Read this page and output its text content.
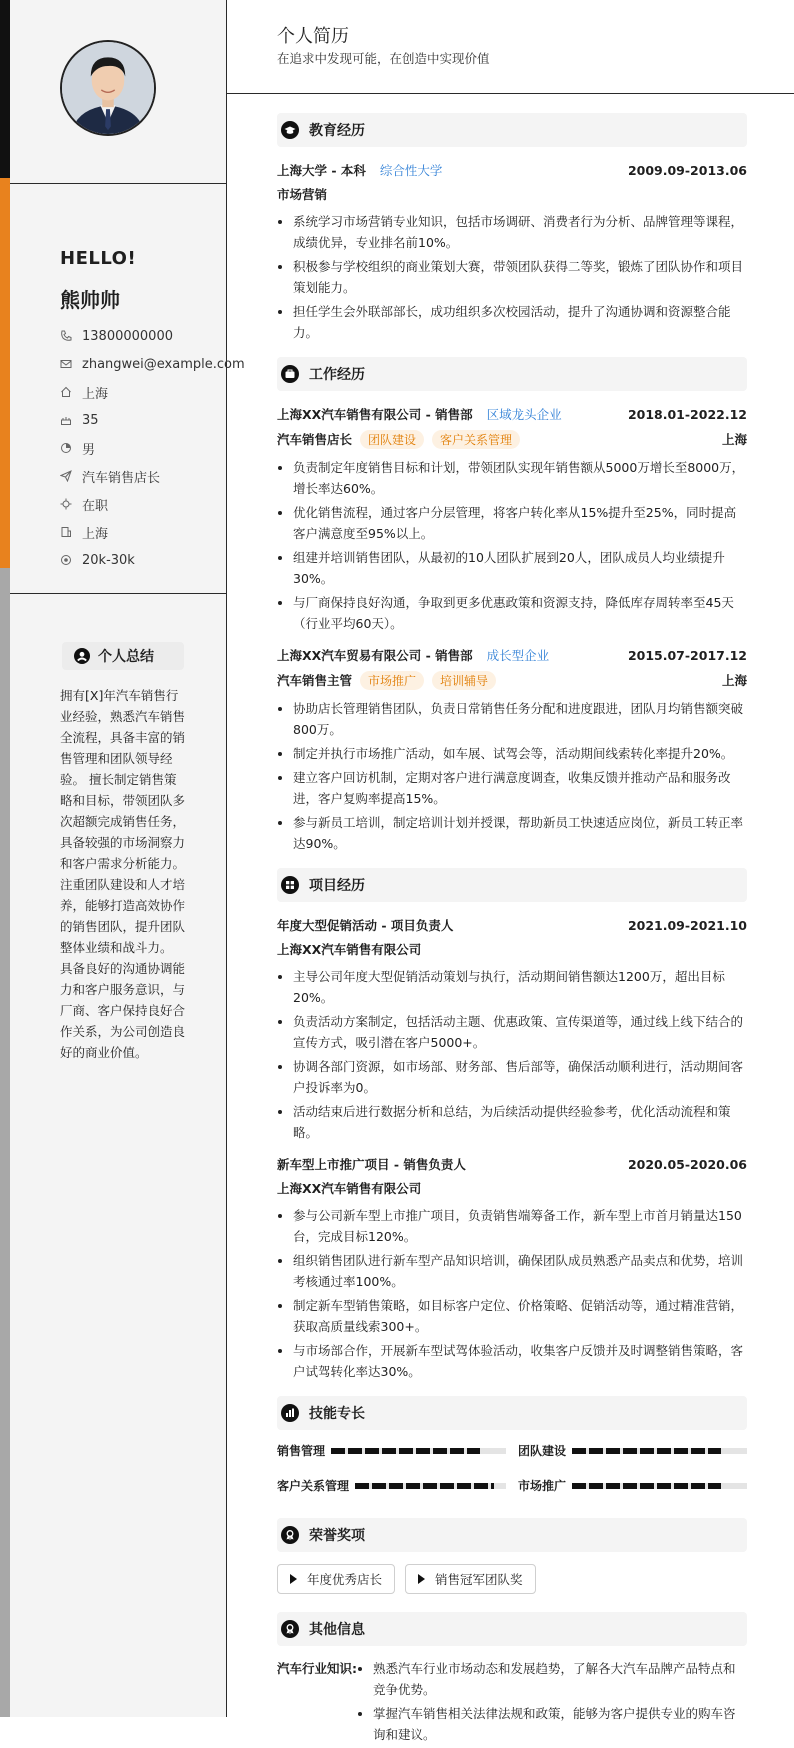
HELLO!
熊帅帅
13800000000
zhangwei@example.com
上海
35
男
汽车销售店长
在职
上海
20k-30k
个人总结
拥有[X]年汽车销售行业经验，熟悉汽车销售全流程，具备丰富的销售管理和团队领导经验。 擅长制定销售策略和目标，带领团队多次超额完成销售任务，具备较强的市场洞察力和客户需求分析能力。 注重团队建设和人才培养，能够打造高效协作的销售团队，提升团队整体业绩和战斗力。 具备良好的沟通协调能力和客户服务意识，与厂商、客户保持良好合作关系，为公司创造良好的商业价值。
个人简历
在追求中发现可能，在创造中实现价值
教育经历
上海大学 - 本科 综合性大学	2009.09-2013.06
市场营销
• 系统学习市场营销专业知识，包括市场调研、消费者行为分析、品牌管理等课程，成绩优异，专业排名前10%。
• 积极参与学校组织的商业策划大赛，带领团队获得二等奖，锻炼了团队协作和项目策划能力。
• 担任学生会外联部部长，成功组织多次校园活动，提升了沟通协调和资源整合能力。
工作经历
上海XX汽车销售有限公司 - 销售部 区域龙头企业	2018.01-2022.12
汽车销售店长	团队建设	客户关系管理	上海
• 负责制定年度销售目标和计划，带领团队实现年销售额从5000万增长至8000万，增长率达60%。
• 优化销售流程，通过客户分层管理，将客户转化率从15%提升至25%，同时提高客户满意度至95%以上。
• 组建并培训销售团队，从最初的10人团队扩展到20人，团队成员人均业绩提升30%。
• 与厂商保持良好沟通，争取到更多优惠政策和资源支持，降低库存周转率至45天（行业平均60天）。
上海XX汽车贸易有限公司 - 销售部 成长型企业	2015.07-2017.12
汽车销售主管	市场推广	培训辅导	上海
• 协助店长管理销售团队，负责日常销售任务分配和进度跟进，团队月均销售额突破800万。
• 制定并执行市场推广活动，如车展、试驾会等，活动期间线索转化率提升20%。
• 建立客户回访机制，定期对客户进行满意度调查，收集反馈并推动产品和服务改进，客户复购率提高15%。
• 参与新员工培训，制定培训计划并授课，帮助新员工快速适应岗位，新员工转正率达90%。
项目经历
年度大型促销活动 - 项目负责人	2021.09-2021.10
上海XX汽车销售有限公司
• 主导公司年度大型促销活动策划与执行，活动期间销售额达1200万，超出目标20%。
• 负责活动方案制定，包括活动主题、优惠政策、宣传渠道等，通过线上线下结合的宣传方式，吸引潜在客户5000+。
• 协调各部门资源，如市场部、财务部、售后部等，确保活动顺利进行，活动期间客户投诉率为0。
• 活动结束后进行数据分析和总结，为后续活动提供经验参考，优化活动流程和策略。
新车型上市推广项目 - 销售负责人	2020.05-2020.06
上海XX汽车销售有限公司
• 参与公司新车型上市推广项目，负责销售端筹备工作，新车型上市首月销量达150台，完成目标120%。
• 组织销售团队进行新车型产品知识培训，确保团队成员熟悉产品卖点和优势，培训考核通过率100%。
• 制定新车型销售策略，如目标客户定位、价格策略、促销活动等，通过精准营销，获取高质量线索300+。
• 与市场部合作，开展新车型试驾体验活动，收集客户反馈并及时调整销售策略，客户试驾转化率达30%。
技能专长
销售管理	团队建设
客户关系管理	市场推广
荣誉奖项
年度优秀店长	销售冠军团队奖
其他信息
汽车行业知识:
• 熟悉汽车行业市场动态和发展趋势，了解各大汽车品牌产品特点和竞争优势。
• 掌握汽车销售相关法律法规和政策，能够为客户提供专业的购车咨询和建议。
